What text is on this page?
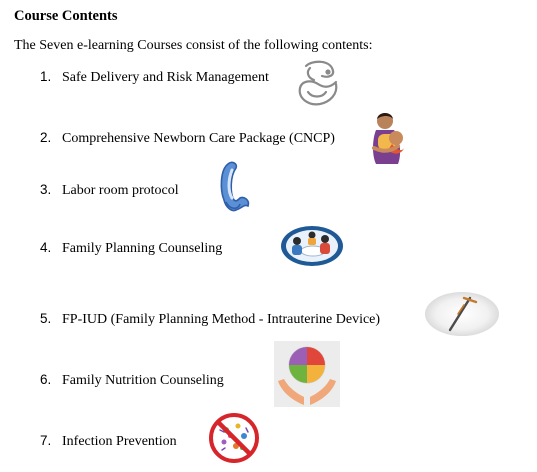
Course Contents
The Seven e-learning Courses consist of the following contents:
1. Safe Delivery and Risk Management
2. Comprehensive Newborn Care Package (CNCP)
3. Labor room protocol
4. Family Planning Counseling
5. FP-IUD (Family Planning Method - Intrauterine Device)
6. Family Nutrition Counseling
7. Infection Prevention
